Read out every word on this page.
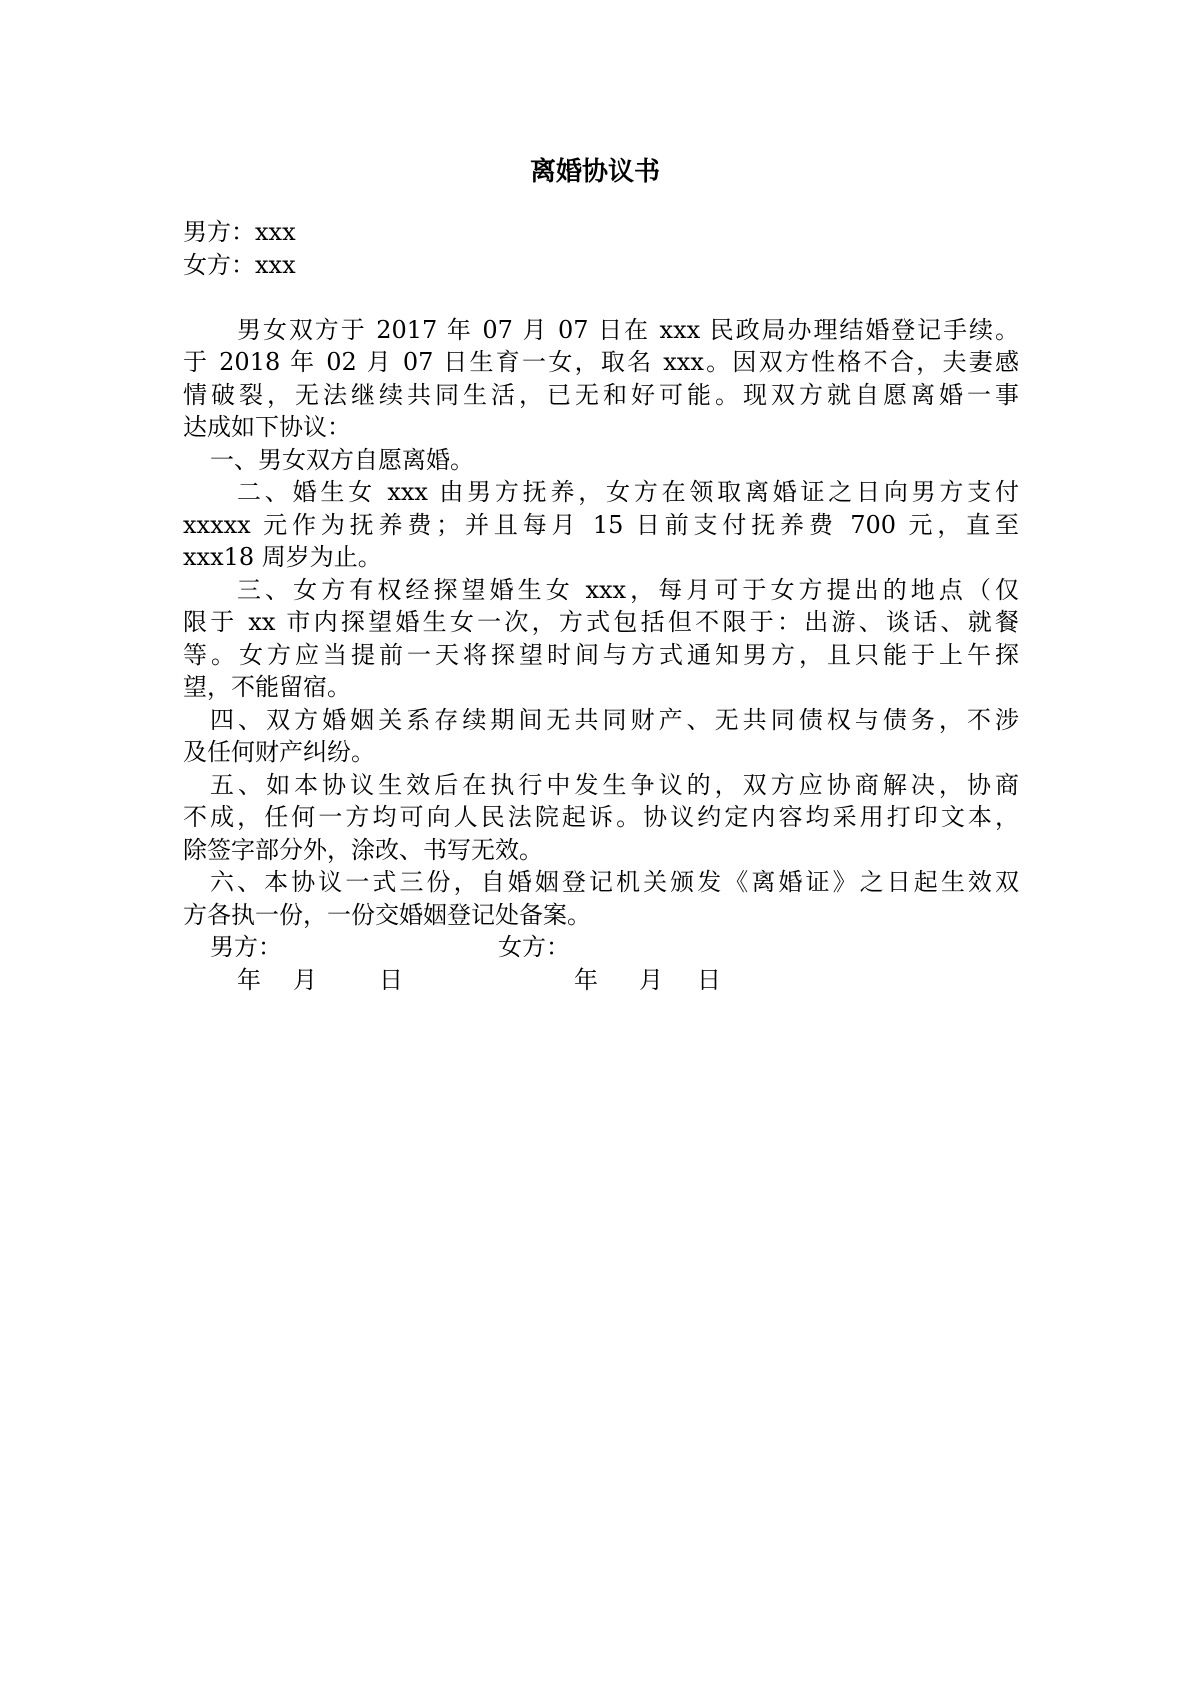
离婚协议书
男方：xxx
女方：xxx
男女双方于 2017 年 07 月 07 日在 xxx 民政局办理结婚登记手续。
于 2018 年 02 月 07 日生育一女，取名 xxx。因双方性格不合，夫妻感
情破裂，无法继续共同生活，已无和好可能。现双方就自愿离婚一事
达成如下协议：
一、男女双方自愿离婚。
二、婚生女 xxx 由男方抚养，女方在领取离婚证之日向男方支付
xxxxx 元作为抚养费；并且每月 15 日前支付抚养费 700 元，直至
xxx18 周岁为止。
三、女方有权经探望婚生女 xxx，每月可于女方提出的地点（仅
限于 xx 市内探望婚生女一次，方式包括但不限于：出游、谈话、就餐
等。女方应当提前一天将探望时间与方式通知男方，且只能于上午探
望，不能留宿。
四、双方婚姻关系存续期间无共同财产、无共同债权与债务，不涉
及任何财产纠纷。
五、如本协议生效后在执行中发生争议的，双方应协商解决，协商
不成，任何一方均可向人民法院起诉。协议约定内容均采用打印文本，
除签字部分外，涂改、书写无效。
六、本协议一式三份，自婚姻登记机关颁发《离婚证》之日起生效双
方各执一份，一份交婚姻登记处备案。
男方：	女方：
年 月	日	年 月 日
